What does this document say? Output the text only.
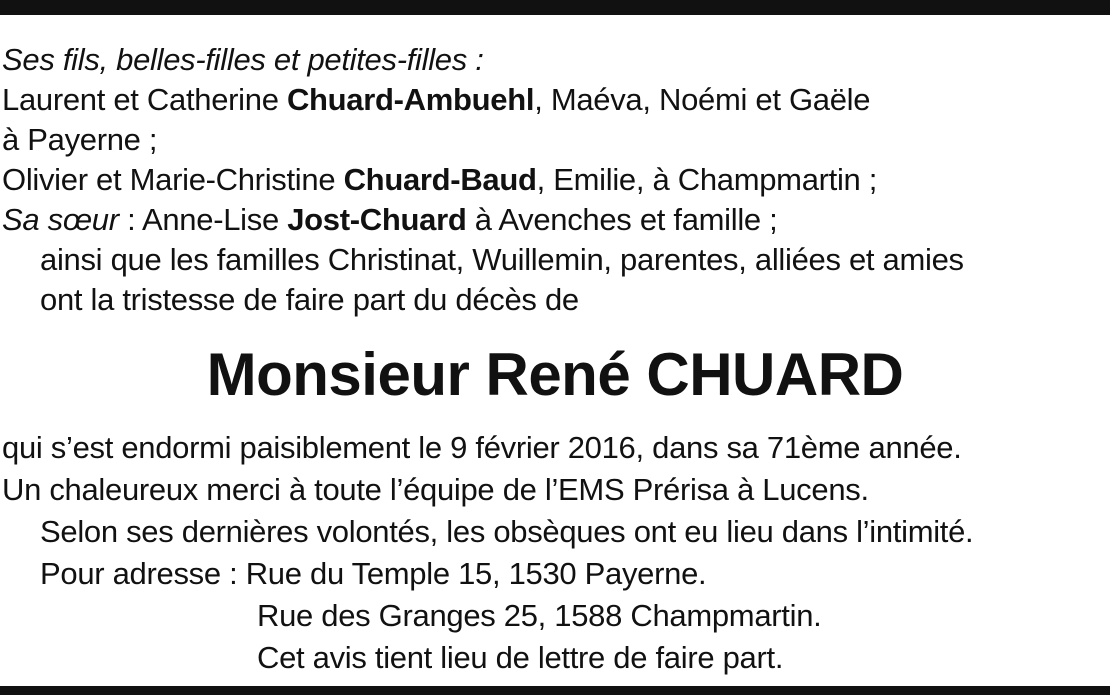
Ses fils, belles-filles et petites-filles :
Laurent et Catherine Chuard-Ambuehl, Maéva, Noémi et Gaële
à Payerne ;
Olivier et Marie-Christine Chuard-Baud, Emilie, à Champmartin ;
Sa sœur : Anne-Lise Jost-Chuard à Avenches et famille ;
ainsi que les familles Christinat, Wuillemin, parentes, alliées et amies
ont la tristesse de faire part du décès de
Monsieur René CHUARD
qui s’est endormi paisiblement le 9 février 2016, dans sa 71ème année.
Un chaleureux merci à toute l’équipe de l’EMS Prérisa à Lucens.
Selon ses dernières volontés, les obsèques ont eu lieu dans l’intimité.
Pour adresse : Rue du Temple 15, 1530 Payerne.
Rue des Granges 25, 1588 Champmartin.
Cet avis tient lieu de lettre de faire part.
